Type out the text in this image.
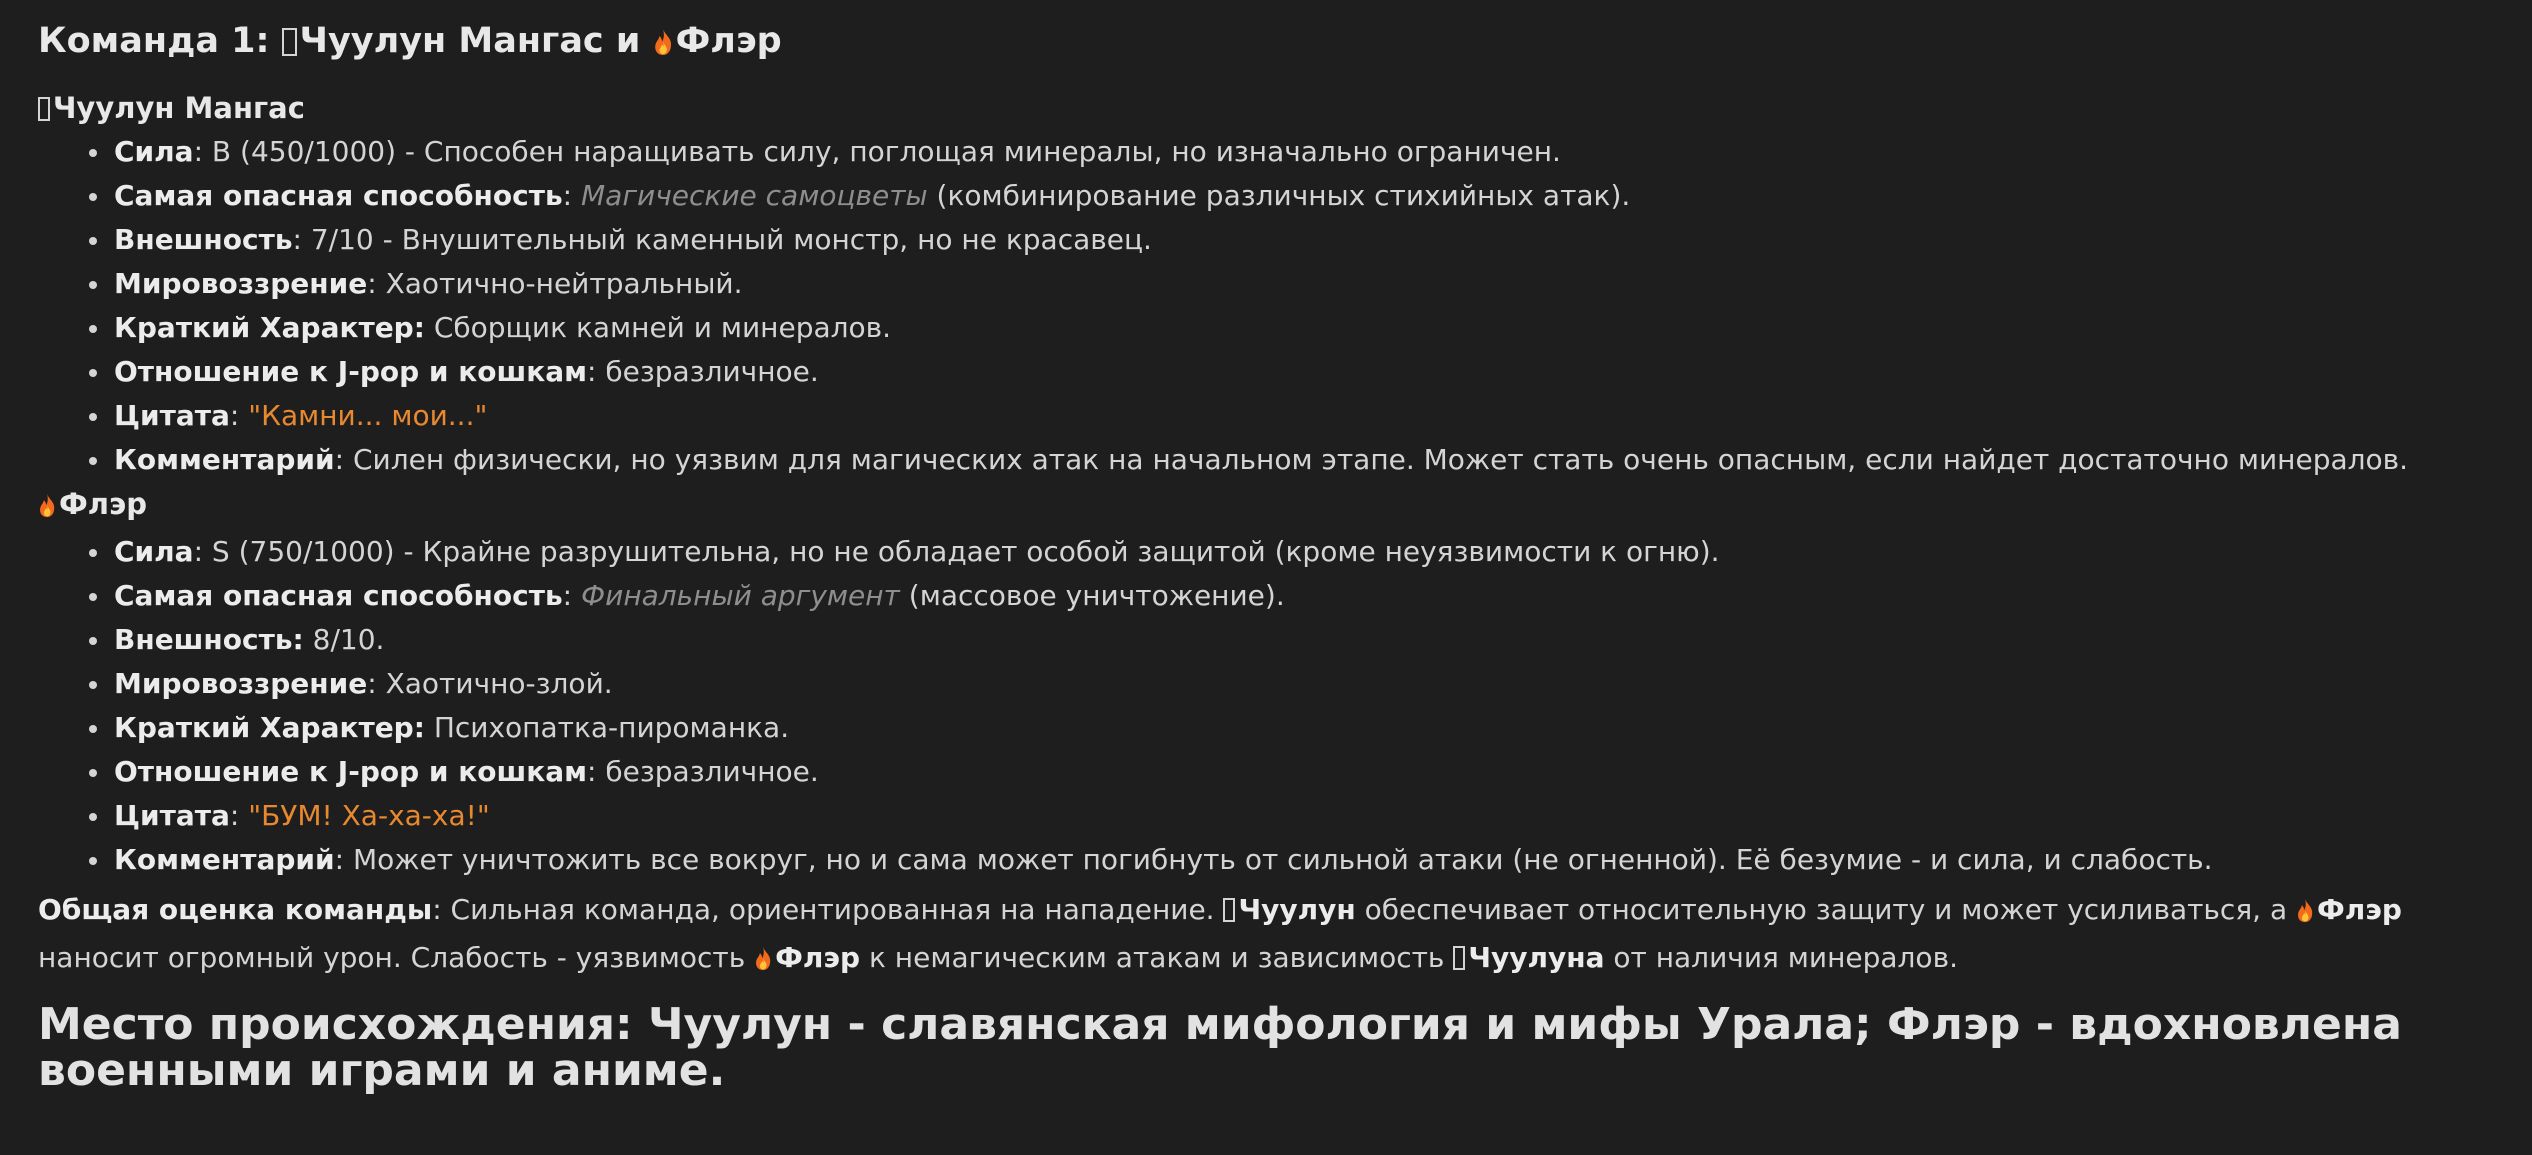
Команда 1: Чуулун Мангас и Флэр
Чуулун Мангас
Сила: B (450/1000) - Способен наращивать силу, поглощая минералы, но изначально ограничен.
Самая опасная способность: Магические самоцветы (комбинирование различных стихийных атак).
Внешность: 7/10 - Внушительный каменный монстр, но не красавец.
Мировоззрение: Хаотично-нейтральный.
Краткий Характер: Сборщик камней и минералов.
Отношение к J-pop и кошкам: безразличное.
Цитата: "Камни... мои..."
Комментарий: Силен физически, но уязвим для магических атак на начальном этапе. Может стать очень опасным, если найдет достаточно минералов.
Флэр
Сила: S (750/1000) - Крайне разрушительна, но не обладает особой защитой (кроме неуязвимости к огню).
Самая опасная способность: Финальный аргумент (массовое уничтожение).
Внешность: 8/10.
Мировоззрение: Хаотично-злой.
Краткий Характер: Психопатка-пироманка.
Отношение к J-pop и кошкам: безразличное.
Цитата: "БУМ! Ха-ха-ха!"
Комментарий: Может уничтожить все вокруг, но и сама может погибнуть от сильной атаки (не огненной). Её безумие - и сила, и слабость.

Общая оценка команды: Сильная команда, ориентированная на нападение. Чуулун обеспечивает относительную защиту и может усиливаться, а Флэр наносит огромный урон. Слабость - уязвимость Флэр к немагическим атакам и зависимость Чуулуна от наличия минералов.

Место происхождения: Чуулун - славянская мифология и мифы Урала; Флэр - вдохновлена военными играми и аниме.
